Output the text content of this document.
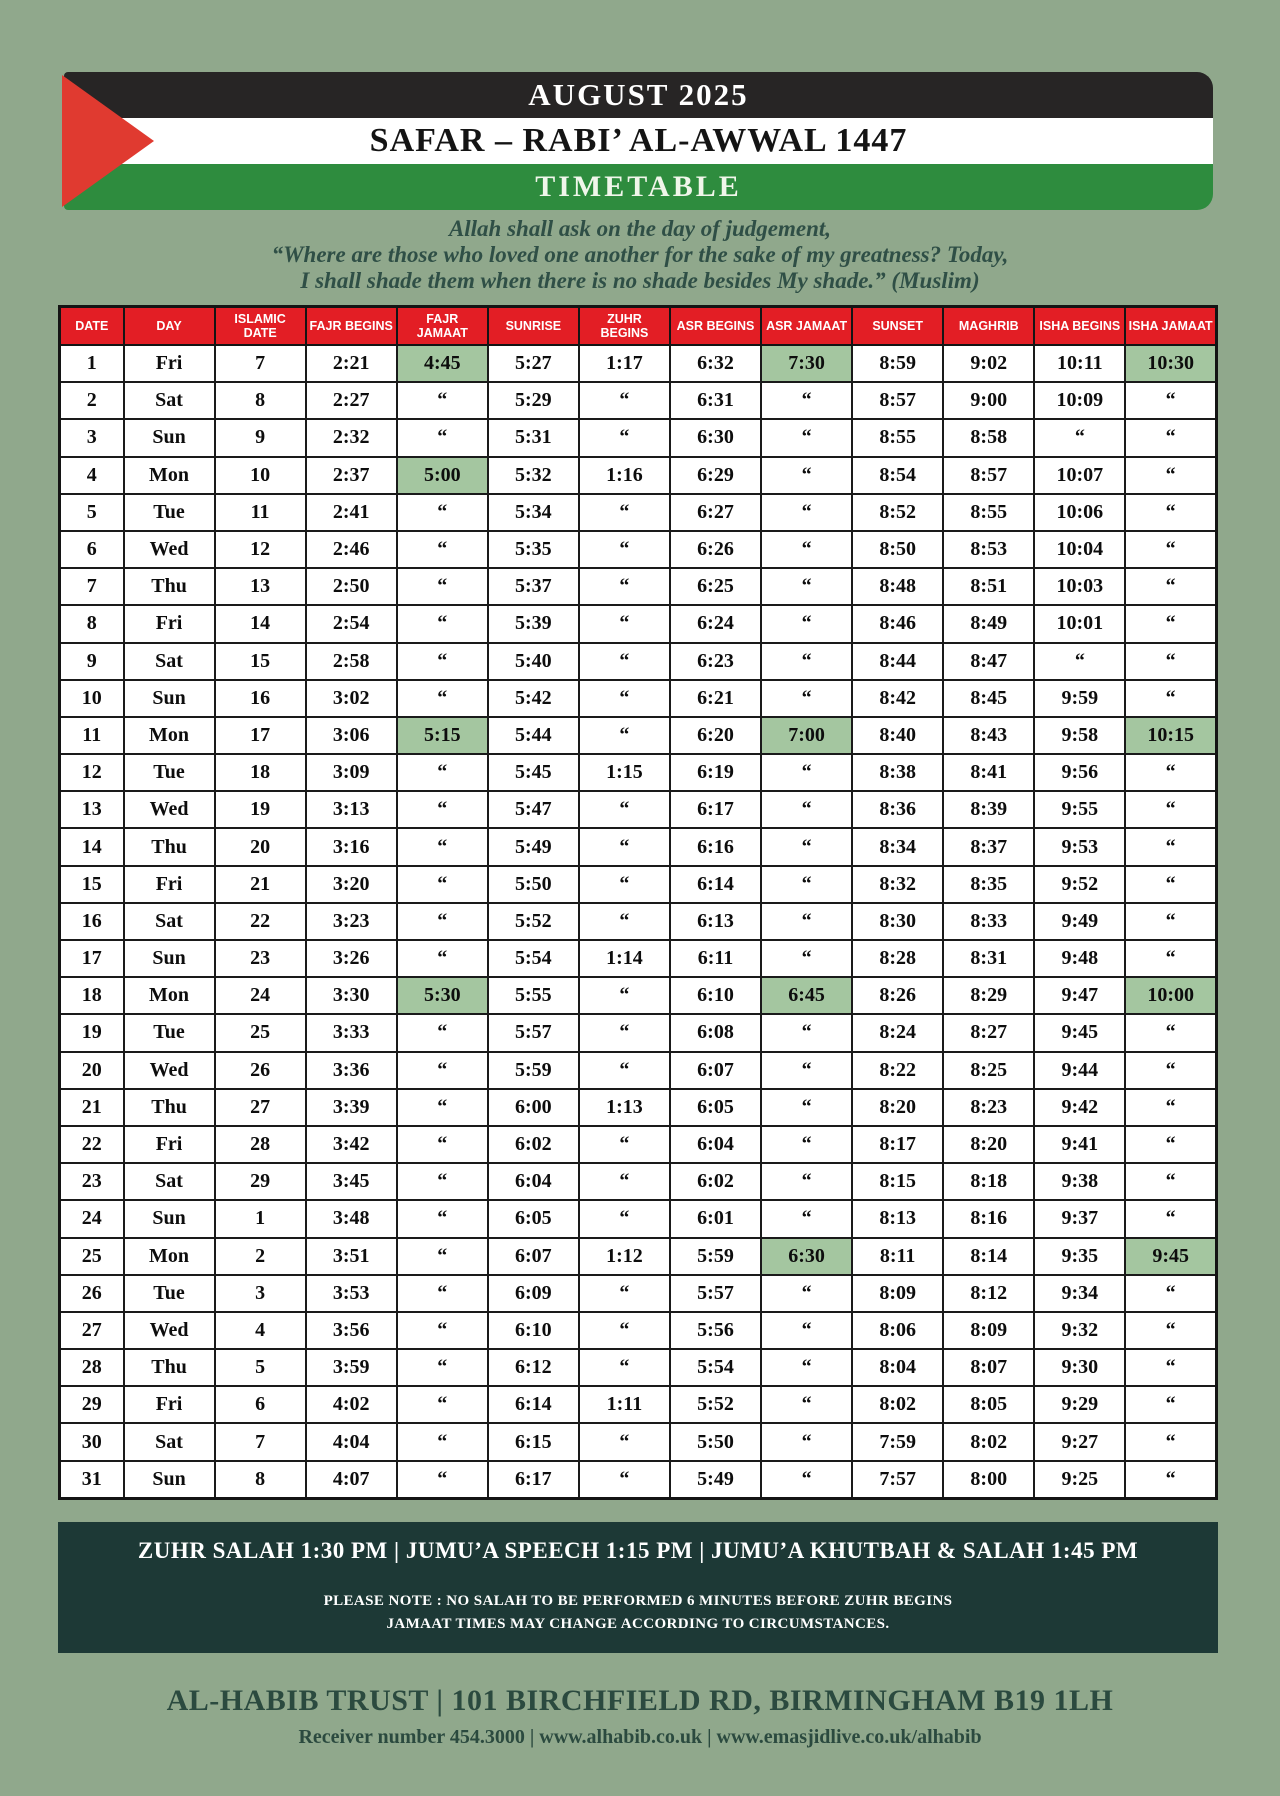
AUGUST 2025
SAFAR – RABI’ AL-AWWAL 1447
TIMETABLE
Allah shall ask on the day of judgement,
“Where are those who loved one another for the sake of my greatness? Today,
I shall shade them when there is no shade besides My shade.” (Muslim)
DATE	DAY	ISLAMIC DATE	FAJR BEGINS	FAJR JAMAAT	SUNRISE	ZUHR BEGINS	ASR BEGINS	ASR JAMAAT	SUNSET	MAGHRIB	ISHA BEGINS	ISHA JAMAAT
1	Fri	7	2:21	4:45	5:27	1:17	6:32	7:30	8:59	9:02	10:11	10:30
2	Sat	8	2:27	“	5:29	“	6:31	“	8:57	9:00	10:09	“
3	Sun	9	2:32	“	5:31	“	6:30	“	8:55	8:58	“	“
4	Mon	10	2:37	5:00	5:32	1:16	6:29	“	8:54	8:57	10:07	“
5	Tue	11	2:41	“	5:34	“	6:27	“	8:52	8:55	10:06	“
6	Wed	12	2:46	“	5:35	“	6:26	“	8:50	8:53	10:04	“
7	Thu	13	2:50	“	5:37	“	6:25	“	8:48	8:51	10:03	“
8	Fri	14	2:54	“	5:39	“	6:24	“	8:46	8:49	10:01	“
9	Sat	15	2:58	“	5:40	“	6:23	“	8:44	8:47	“	“
10	Sun	16	3:02	“	5:42	“	6:21	“	8:42	8:45	9:59	“
11	Mon	17	3:06	5:15	5:44	“	6:20	7:00	8:40	8:43	9:58	10:15
12	Tue	18	3:09	“	5:45	1:15	6:19	“	8:38	8:41	9:56	“
13	Wed	19	3:13	“	5:47	“	6:17	“	8:36	8:39	9:55	“
14	Thu	20	3:16	“	5:49	“	6:16	“	8:34	8:37	9:53	“
15	Fri	21	3:20	“	5:50	“	6:14	“	8:32	8:35	9:52	“
16	Sat	22	3:23	“	5:52	“	6:13	“	8:30	8:33	9:49	“
17	Sun	23	3:26	“	5:54	1:14	6:11	“	8:28	8:31	9:48	“
18	Mon	24	3:30	5:30	5:55	“	6:10	6:45	8:26	8:29	9:47	10:00
19	Tue	25	3:33	“	5:57	“	6:08	“	8:24	8:27	9:45	“
20	Wed	26	3:36	“	5:59	“	6:07	“	8:22	8:25	9:44	“
21	Thu	27	3:39	“	6:00	1:13	6:05	“	8:20	8:23	9:42	“
22	Fri	28	3:42	“	6:02	“	6:04	“	8:17	8:20	9:41	“
23	Sat	29	3:45	“	6:04	“	6:02	“	8:15	8:18	9:38	“
24	Sun	1	3:48	“	6:05	“	6:01	“	8:13	8:16	9:37	“
25	Mon	2	3:51	“	6:07	1:12	5:59	6:30	8:11	8:14	9:35	9:45
26	Tue	3	3:53	“	6:09	“	5:57	“	8:09	8:12	9:34	“
27	Wed	4	3:56	“	6:10	“	5:56	“	8:06	8:09	9:32	“
28	Thu	5	3:59	“	6:12	“	5:54	“	8:04	8:07	9:30	“
29	Fri	6	4:02	“	6:14	1:11	5:52	“	8:02	8:05	9:29	“
30	Sat	7	4:04	“	6:15	“	5:50	“	7:59	8:02	9:27	“
31	Sun	8	4:07	“	6:17	“	5:49	“	7:57	8:00	9:25	“
ZUHR SALAH 1:30 PM | JUMU’A SPEECH 1:15 PM | JUMU’A KHUTBAH & SALAH 1:45 PM
PLEASE NOTE : NO SALAH TO BE PERFORMED 6 MINUTES BEFORE ZUHR BEGINS
JAMAAT TIMES MAY CHANGE ACCORDING TO CIRCUMSTANCES.
AL-HABIB TRUST | 101 BIRCHFIELD RD, BIRMINGHAM B19 1LH
Receiver number 454.3000 | www.alhabib.co.uk | www.emasjidlive.co.uk/alhabib
